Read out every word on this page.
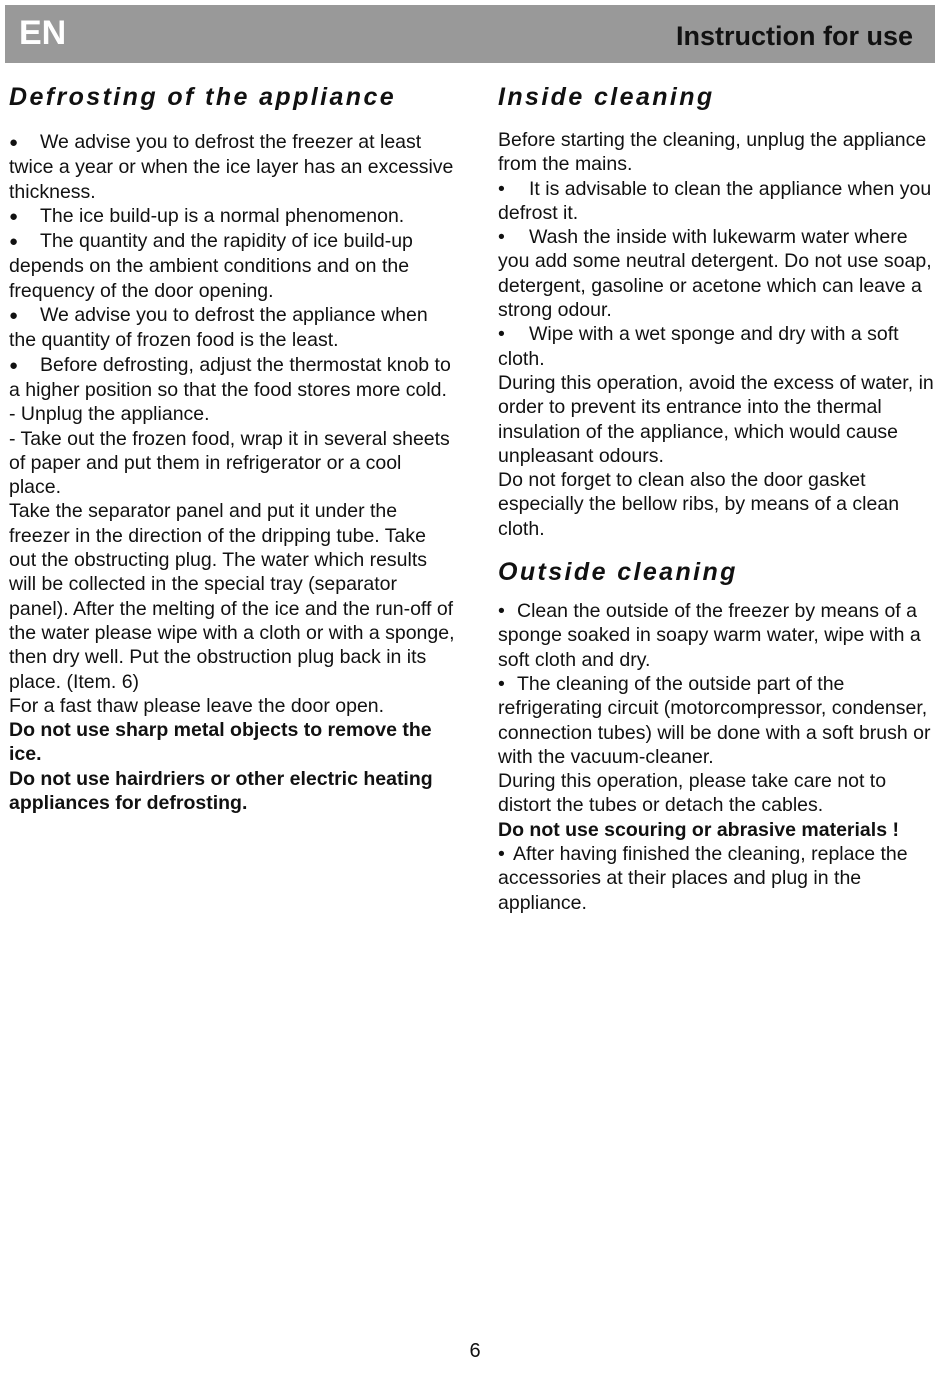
EN	Instruction for use
Defrosting of the appliance

● We advise you to defrost the freezer at least twice a year or when the ice layer has an excessive thickness.

● The ice build-up is a normal phenomenon.

● The quantity and the rapidity of ice build-up depends on the ambient conditions and on the frequency of the door opening.

● We advise you to defrost the appliance when the quantity of frozen food is the least.

● Before defrosting, adjust the thermostat knob to a higher position so that the food stores more cold.

- Unplug the appliance.

- Take out the frozen food, wrap it in several sheets of paper and put them in refrigerator or a cool place.

Take the separator panel and put it under the freezer in the direction of the dripping tube. Take out the obstructing plug. The water which results will be collected in the special tray (separator panel). After the melting of the ice and the run-off of the water please wipe with a cloth or with a sponge, then dry well. Put the obstruction plug back in its place. (Item. 6)

For a fast thaw please leave the door open.

Do not use sharp metal objects to remove the ice.

Do not use hairdriers or other electric heating appliances for defrosting.

Inside cleaning

Before starting the cleaning, unplug the appliance from the mains.

• It is advisable to clean the appliance when you defrost it.

• Wash the inside with lukewarm water where you add some neutral detergent. Do not use soap, detergent, gasoline or acetone which can leave a strong odour.

• Wipe with a wet sponge and dry with a soft cloth.

During this operation, avoid the excess of water, in order to prevent its entrance into the thermal insulation of the appliance, which would cause unpleasant odours.

Do not forget to clean also the door gasket especially the bellow ribs, by means of a clean cloth.

Outside cleaning

• Clean the outside of the freezer by means of a sponge soaked in soapy warm water, wipe with a soft cloth and dry.

• The cleaning of the outside part of the refrigerating circuit (motorcompressor, condenser, connection tubes) will be done with a soft brush or with the vacuum-cleaner.

During this operation, please take care not to distort the tubes or detach the cables.

Do not use scouring or abrasive materials !

• After having finished the cleaning, replace the accessories at their places and plug in the appliance.

6
